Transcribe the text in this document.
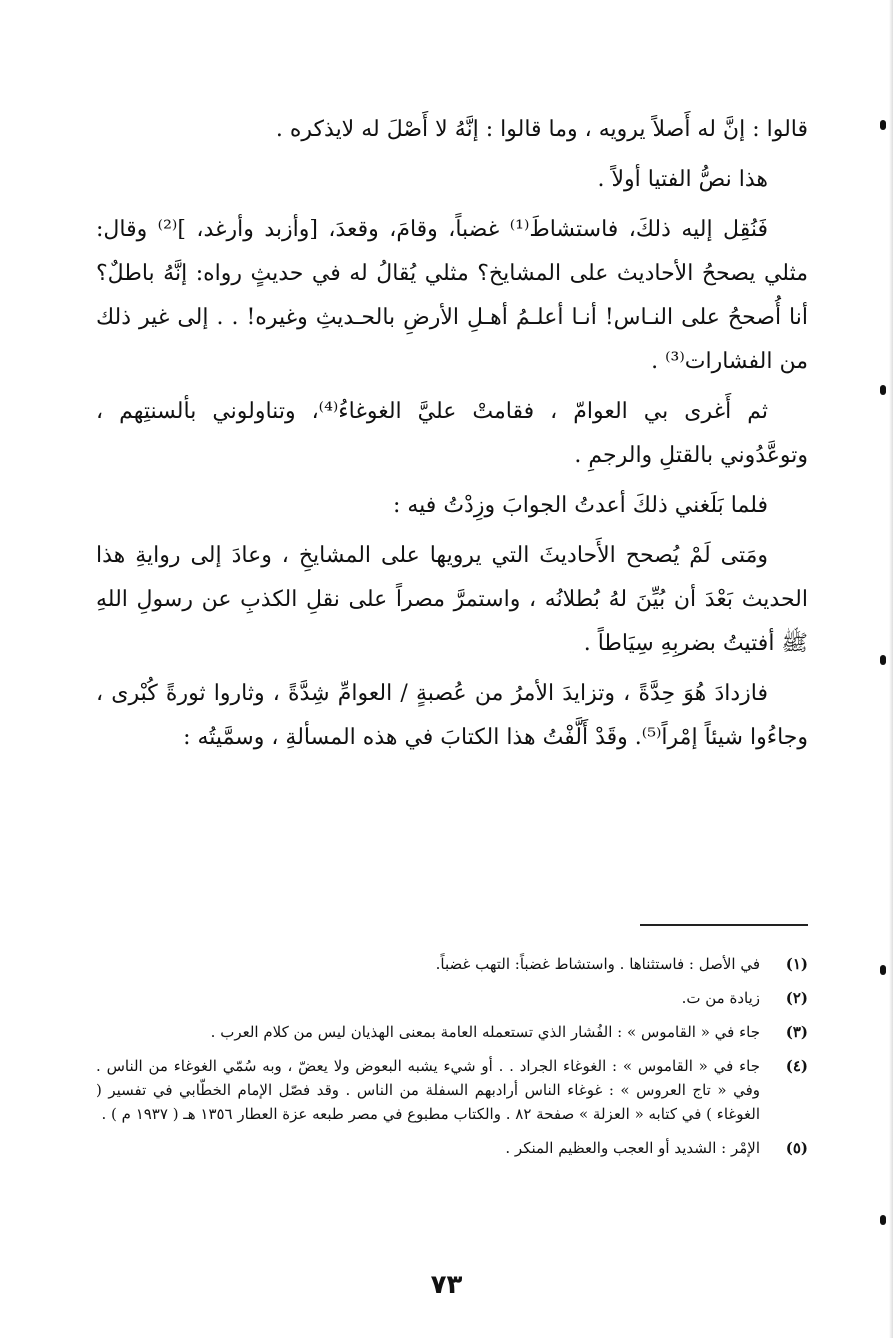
قالوا : إنَّ له أَصلاً يرويه ، وما قالوا : إنَّهُ لا أَصْلَ له لايذكره .

هذا نصُّ الفتيا أولاً .

فَنُقِل إليه ذلكَ، فاستشاطَ⁽¹⁾ غضباً، وقامَ، وقعدَ، [وأزبد وأرغد، ]⁽²⁾ وقال: مثلي يصححُ الأحاديث على المشايخ؟ مثلي يُقالُ له في حديثٍ رواه: إنَّهُ باطلٌ؟ أنا أُصححُ على النـاس! أنـا أعلـمُ أهـلِ الأرضِ بالحـديثِ وغيره! . . إلى غير ذلك من الفشارات⁽³⁾ .

ثم أَغرى بي العوامّ ، فقامتْ عليَّ الغوغاءُ⁽⁴⁾، وتناولوني بألسنتِهم ، وتوعَّدُوني بالقتلِ والرجمِ .

فلما بَلَغني ذلكَ أعدتُ الجوابَ وزِدْتُ فيه :

ومَتى لَمْ يُصحح الأَحاديثَ التي يرويها على المشايخِ ، وعادَ إلى روايةِ هذا الحديث بَعْدَ أن بُيِّنَ لهُ بُطلانُه ، واستمرَّ مصراً على نقلِ الكذبِ عن رسولِ اللهِ ﷺ أفتيتُ بضربِهِ سِيَاطاً .

فازدادَ هُوَ حِدَّةً ، وتزايدَ الأمرُ من عُصبةٍ / العوامِّ شِدَّةً ، وثاروا ثورةً كُبْرى ، وجاءُوا شيئاً إمْراً⁽⁵⁾. وقَدْ أَلَّفْتُ هذا الكتابَ في هذه المسألةِ ، وسمَّيتُه :

(١)
في الأصل : فاستثناها . واستشاط غضباً: التهب غضباً.
(٢)
زيادة من ت.
(٣)
جاء في « القاموس » : الفُشار الذي تستعمله العامة بمعنى الهذيان ليس من كلام العرب .
(٤)
جاء في « القاموس » : الغوغاء الجراد . . أو شيء يشبه البعوض ولا يعضّ ، وبه سُمّي الغوغاء من الناس . وفي « تاج العروس » : غوغاء الناس أرادبهم السفلة من الناس . وقد فصّل الإمام الخطّابي في تفسير ( الغوغاء ) في كتابه « العزلة » صفحة ٨٢ . والكتاب مطبوع في مصر طبعه عزة العطار ١٣٥٦ هـ ( ١٩٣٧ م ) .
(٥)
الإمْر : الشديد أو العجب والعظيم المنكر .
٧٣
